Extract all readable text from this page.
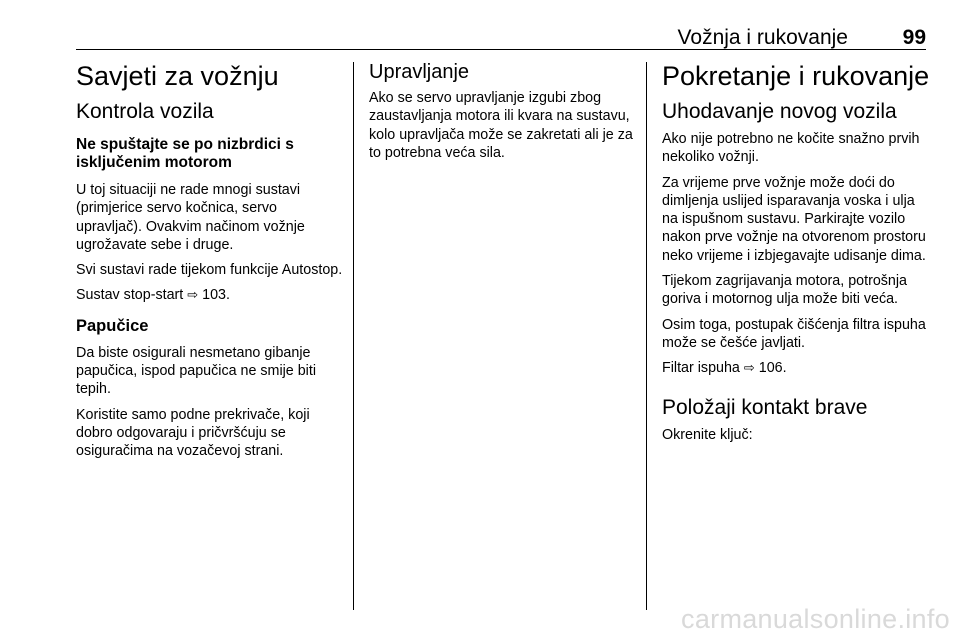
Vožnja i rukovanje	99
Savjeti za vožnju
Kontrola vozila
Ne spuštajte se po nizbrdici s isključenim motorom

U toj situaciji ne rade mnogi sustavi (primjerice servo kočnica, servo upravljač). Ovakvim načinom vožnje ugrožavate sebe i druge.

Svi sustavi rade tijekom funkcije Autostop.

Sustav stop-start ⇨ 103.

Papučice

Da biste osigurali nesmetano gibanje papučica, ispod papučica ne smije biti tepih.

Koristite samo podne prekrivače, koji dobro odgovaraju i pričvršćuju se osiguračima na vozačevoj strani.

Upravljanje

Ako se servo upravljanje izgubi zbog zaustavljanja motora ili kvara na sustavu, kolo upravljača može se zakretati ali je za to potrebna veća sila.

Pokretanje i rukovanje
Uhodavanje novog vozila

Ako nije potrebno ne kočite snažno prvih nekoliko vožnji.

Za vrijeme prve vožnje može doći do dimljenja uslijed isparavanja voska i ulja na ispušnom sustavu. Parkirajte vozilo nakon prve vožnje na otvorenom prostoru neko vrijeme i izbjegavajte udisanje dima.

Tijekom zagrijavanja motora, potrošnja goriva i motornog ulja može biti veća.

Osim toga, postupak čišćenja filtra ispuha može se češće javljati.

Filtar ispuha ⇨ 106.

Položaji kontakt brave

Okrenite ključ:

carmanualsonline.info
